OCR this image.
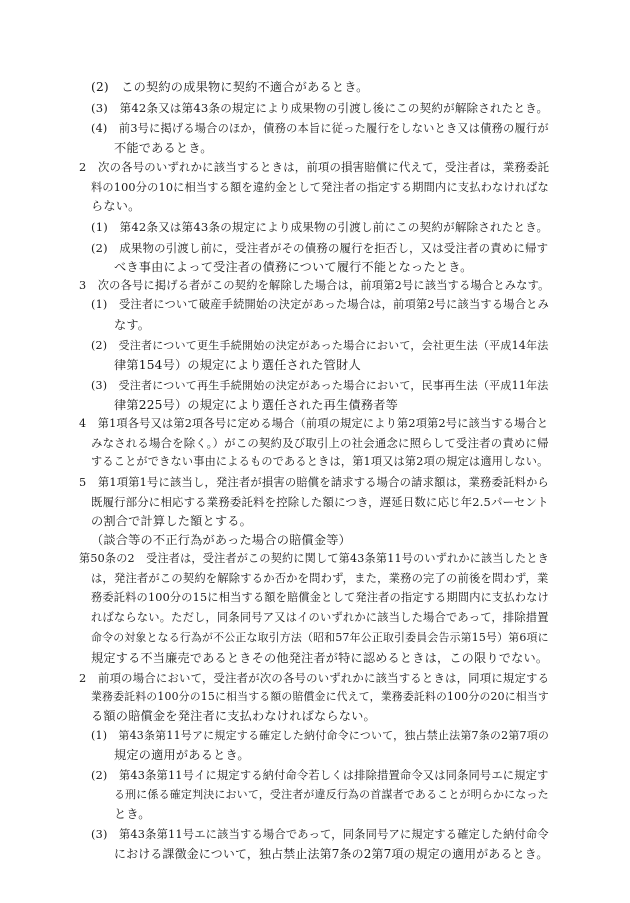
(2)　この契約の成果物に契約不適合があるとき。
(3)　第42条又は第43条の規定により成果物の引渡し後にこの契約が解除されたとき。
(4)　前3号に掲げる場合のほか，債務の本旨に従った履行をしないとき又は債務の履行が
不能であるとき。
2　次の各号のいずれかに該当するときは，前項の損害賠償に代えて，受注者は，業務委託
料の100分の10に相当する額を違約金として発注者の指定する期間内に支払わなければな
らない。
(1)　第42条又は第43条の規定により成果物の引渡し前にこの契約が解除されたとき。
(2)　成果物の引渡し前に，受注者がその債務の履行を拒否し，又は受注者の責めに帰す
べき事由によって受注者の債務について履行不能となったとき。
3　次の各号に掲げる者がこの契約を解除した場合は，前項第2号に該当する場合とみなす。
(1)　受注者について破産手続開始の決定があった場合は，前項第2号に該当する場合とみ
なす。
(2)　受注者について更生手続開始の決定があった場合において，会社更生法（平成14年法
律第154号）の規定により選任された管財人
(3)　受注者について再生手続開始の決定があった場合において，民事再生法（平成11年法
律第225号）の規定により選任された再生債務者等
4　第1項各号又は第2項各号に定める場合（前項の規定により第2項第2号に該当する場合と
みなされる場合を除く。）がこの契約及び取引上の社会通念に照らして受注者の責めに帰
することができない事由によるものであるときは，第1項又は第2項の規定は適用しない。
5　第1項第1号に該当し，発注者が損害の賠償を請求する場合の請求額は，業務委託料から
既履行部分に相応する業務委託料を控除した額につき，遅延日数に応じ年2.5パーセント
の割合で計算した額とする。
（談合等の不正行為があった場合の賠償金等）
第50条の2　受注者は，受注者がこの契約に関して第43条第11号のいずれかに該当したとき
は，発注者がこの契約を解除するか否かを問わず，また，業務の完了の前後を問わず，業
務委託料の100分の15に相当する額を賠償金として発注者の指定する期間内に支払わなけ
ればならない。ただし，同条同号ア又はイのいずれかに該当した場合であって，排除措置
命令の対象となる行為が不公正な取引方法（昭和57年公正取引委員会告示第15号）第6項に
規定する不当廉売であるときその他発注者が特に認めるときは，この限りでない。
2　前項の場合において，受注者が次の各号のいずれかに該当するときは，同項に規定する
業務委託料の100分の15に相当する額の賠償金に代えて，業務委託料の100分の20に相当す
る額の賠償金を発注者に支払わなければならない。
(1)　第43条第11号アに規定する確定した納付命令について，独占禁止法第7条の2第7項の
規定の適用があるとき。
(2)　第43条第11号イに規定する納付命令若しくは排除措置命令又は同条同号エに規定す
る刑に係る確定判決において，受注者が違反行為の首謀者であることが明らかになった
とき。
(3)　第43条第11号エに該当する場合であって，同条同号アに規定する確定した納付命令
における課徴金について，独占禁止法第7条の2第7項の規定の適用があるとき。
